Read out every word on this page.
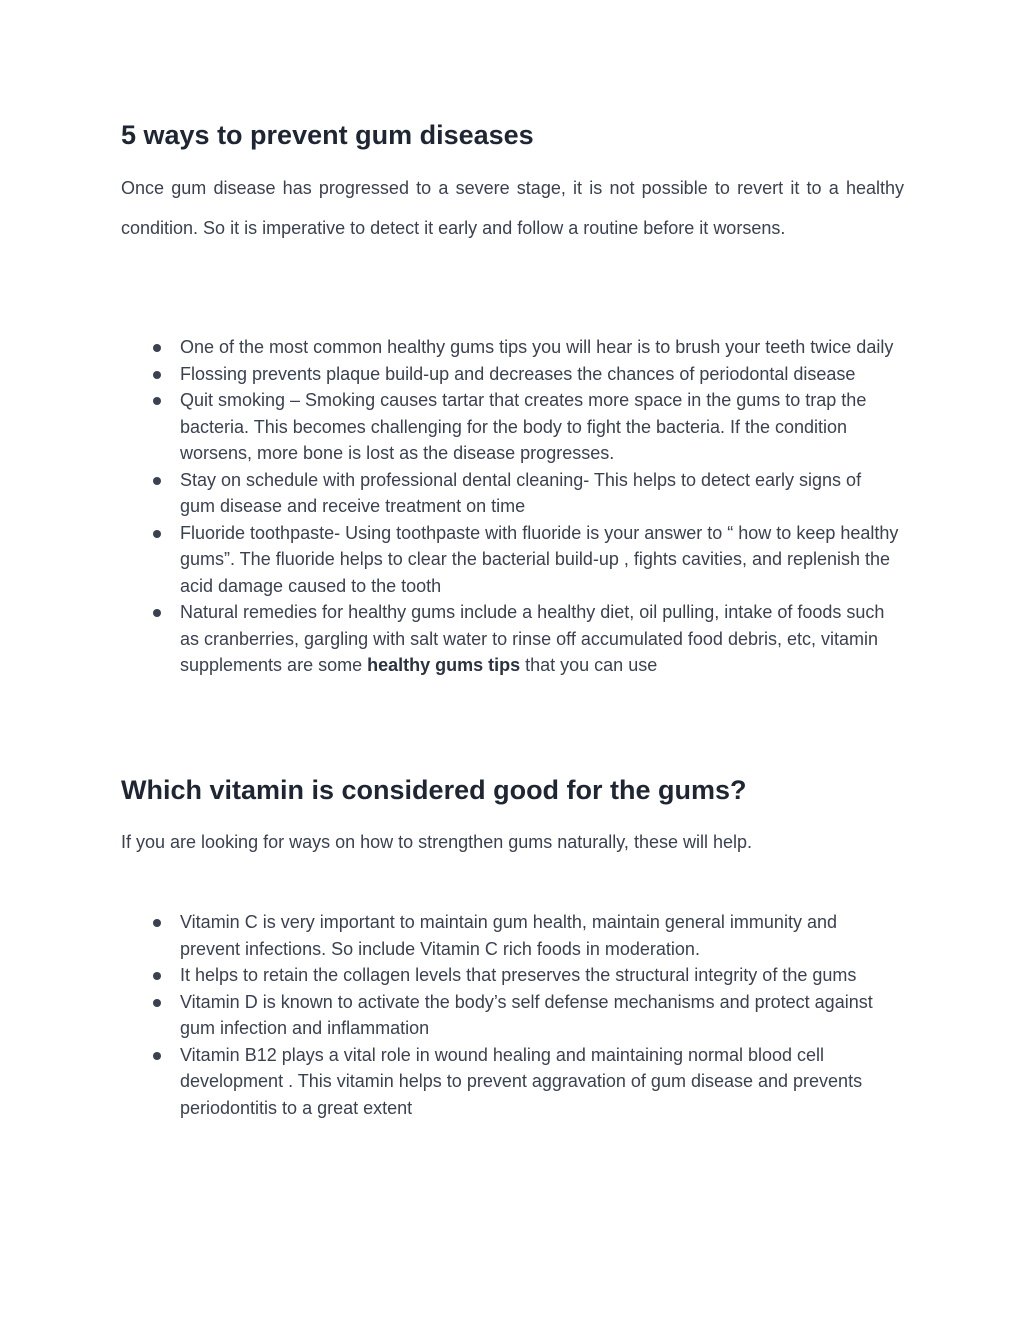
5 ways to prevent gum diseases

Once gum disease has progressed to a severe stage, it is not possible to revert it to a healthy condition. So it is imperative to detect it early and follow a routine before it worsens.

One of the most common healthy gums tips you will hear is to brush your teeth twice daily
Flossing prevents plaque build-up and decreases the chances of periodontal disease
Quit smoking – Smoking causes tartar that creates more space in the gums to trap the bacteria. This becomes challenging for the body to fight the bacteria. If the condition worsens, more bone is lost as the disease progresses.
Stay on schedule with professional dental cleaning- This helps to detect early signs of gum disease and receive treatment on time
Fluoride toothpaste- Using toothpaste with fluoride is your answer to “ how to keep healthy gums”. The fluoride helps to clear the bacterial build-up , fights cavities, and replenish the acid damage caused to the tooth
Natural remedies for healthy gums include a healthy diet, oil pulling, intake of foods such as cranberries, gargling with salt water to rinse off accumulated food debris, etc, vitamin supplements are some healthy gums tips that you can use
Which vitamin is considered good for the gums?

If you are looking for ways on how to strengthen gums naturally, these will help.

Vitamin C is very important to maintain gum health, maintain general immunity and prevent infections. So include Vitamin C rich foods in moderation.
It helps to retain the collagen levels that preserves the structural integrity of the gums
Vitamin D is known to activate the body’s self defense mechanisms and protect against gum infection and inflammation
Vitamin B12 plays a vital role in wound healing and maintaining normal blood cell development . This vitamin helps to prevent aggravation of gum disease and prevents periodontitis to a great extent
